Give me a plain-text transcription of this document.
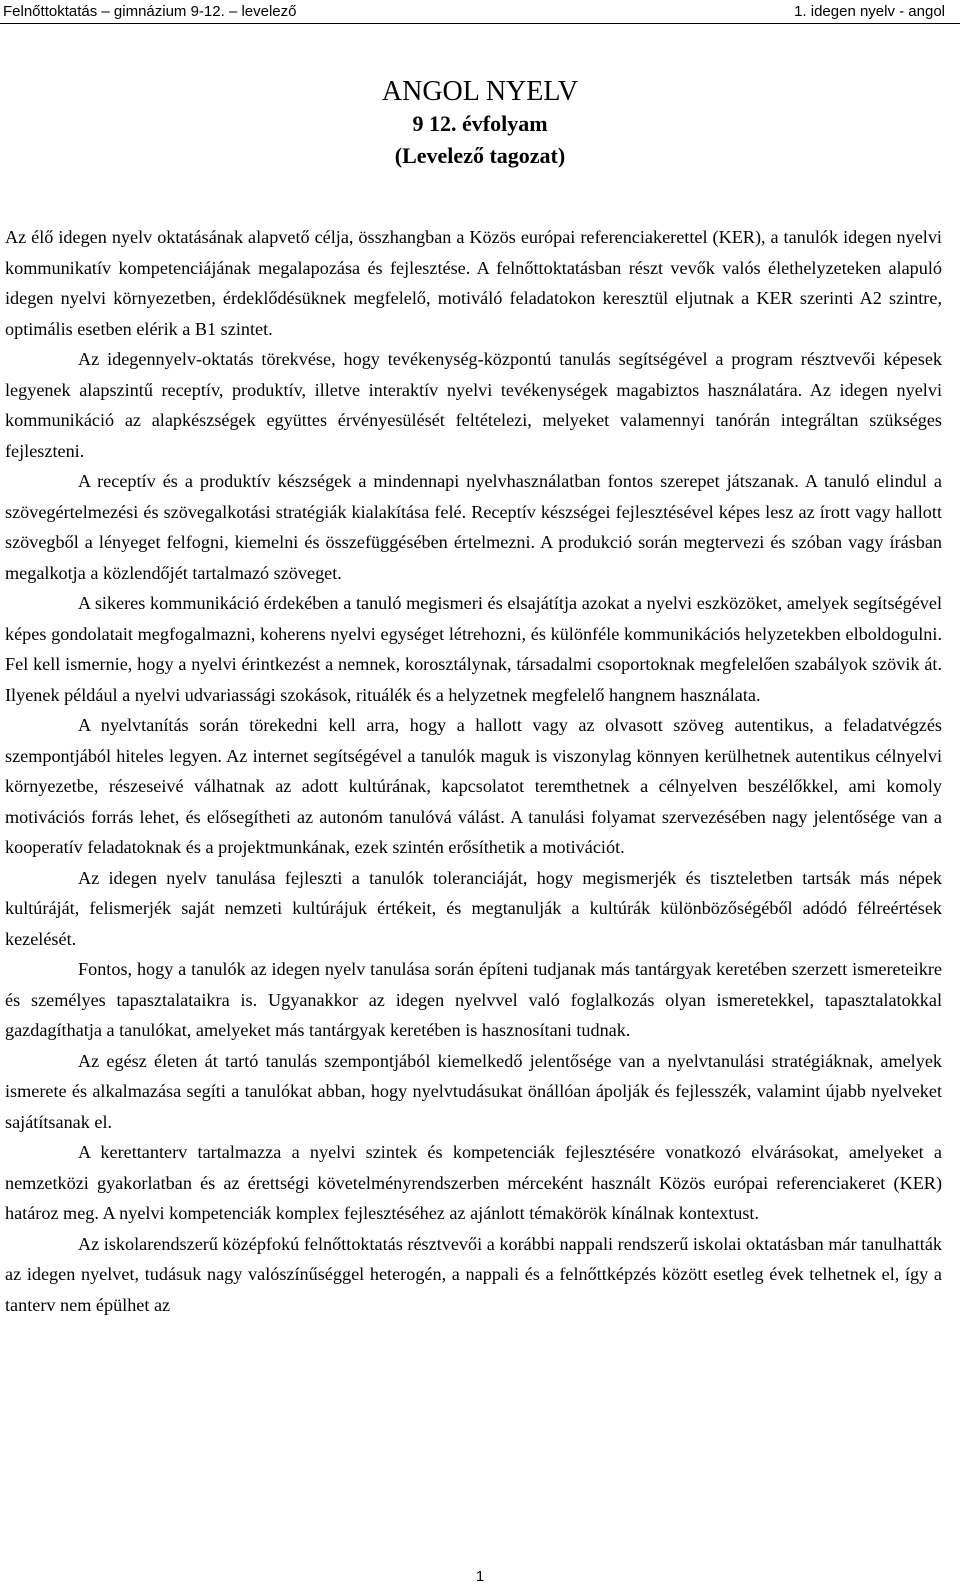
Felnőttoktatás – gimnázium 9-12. – levelező	1. idegen nyelv - angol
ANGOL NYELV
9 12. évfolyam
(Levelező tagozat)

Az élő idegen nyelv oktatásának alapvető célja, összhangban a Közös európai referenciakerettel (KER), a tanulók idegen nyelvi kommunikatív kompetenciájának megalapozása és fejlesztése. A felnőttoktatásban részt vevők valós élethelyzeteken alapuló idegen nyelvi környezetben, érdeklődésüknek megfelelő, motiváló feladatokon keresztül eljutnak a KER szerinti A2 szintre, optimális esetben elérik a B1 szintet.

Az idegennyelv-oktatás törekvése, hogy tevékenység-központú tanulás segítségével a program résztvevői képesek legyenek alapszintű receptív, produktív, illetve interaktív nyelvi tevékenységek magabiztos használatára. Az idegen nyelvi kommunikáció az alapkészségek együttes érvényesülését feltételezi, melyeket valamennyi tanórán integráltan szükséges fejleszteni.

A receptív és a produktív készségek a mindennapi nyelvhasználatban fontos szerepet játszanak. A tanuló elindul a szövegértelmezési és szövegalkotási stratégiák kialakítása felé. Receptív készségei fejlesztésével képes lesz az írott vagy hallott szövegből a lényeget felfogni, kiemelni és összefüggésében értelmezni. A produkció során megtervezi és szóban vagy írásban megalkotja a közlendőjét tartalmazó szöveget.

A sikeres kommunikáció érdekében a tanuló megismeri és elsajátítja azokat a nyelvi eszközöket, amelyek segítségével képes gondolatait megfogalmazni, koherens nyelvi egységet létrehozni, és különféle kommunikációs helyzetekben elboldogulni. Fel kell ismernie, hogy a nyelvi érintkezést a nemnek, korosztálynak, társadalmi csoportoknak megfelelően szabályok szövik át. Ilyenek például a nyelvi udvariassági szokások, rituálék és a helyzetnek megfelelő hangnem használata.

A nyelvtanítás során törekedni kell arra, hogy a hallott vagy az olvasott szöveg autentikus, a feladatvégzés szempontjából hiteles legyen. Az internet segítségével a tanulók maguk is viszonylag könnyen kerülhetnek autentikus célnyelvi környezetbe, részeseivé válhatnak az adott kultúrának, kapcsolatot teremthetnek a célnyelven beszélőkkel, ami komoly motivációs forrás lehet, és elősegítheti az autonóm tanulóvá válást. A tanulási folyamat szervezésében nagy jelentősége van a kooperatív feladatoknak és a projektmunkának, ezek szintén erősíthetik a motivációt.

Az idegen nyelv tanulása fejleszti a tanulók toleranciáját, hogy megismerjék és tiszteletben tartsák más népek kultúráját, felismerjék saját nemzeti kultúrájuk értékeit, és megtanulják a kultúrák különbözőségéből adódó félreértések kezelését.

Fontos, hogy a tanulók az idegen nyelv tanulása során építeni tudjanak más tantárgyak keretében szerzett ismereteikre és személyes tapasztalataikra is. Ugyanakkor az idegen nyelvvel való foglalkozás olyan ismeretekkel, tapasztalatokkal gazdagíthatja a tanulókat, amelyeket más tantárgyak keretében is hasznosítani tudnak.

Az egész életen át tartó tanulás szempontjából kiemelkedő jelentősége van a nyelvtanulási stratégiáknak, amelyek ismerete és alkalmazása segíti a tanulókat abban, hogy nyelvtudásukat önállóan ápolják és fejlesszék, valamint újabb nyelveket sajátítsanak el.

A kerettanterv tartalmazza a nyelvi szintek és kompetenciák fejlesztésére vonatkozó elvárásokat, amelyeket a nemzetközi gyakorlatban és az érettségi követelményrendszerben mérceként használt Közös európai referenciakeret (KER) határoz meg. A nyelvi kompetenciák komplex fejlesztéséhez az ajánlott témakörök kínálnak kontextust.

Az iskolarendszerű középfokú felnőttoktatás résztvevői a korábbi nappali rendszerű iskolai oktatásban már tanulhatták az idegen nyelvet, tudásuk nagy valószínűséggel heterogén, a nappali és a felnőttképzés között esetleg évek telhetnek el, így a tanterv nem épülhet az

1
